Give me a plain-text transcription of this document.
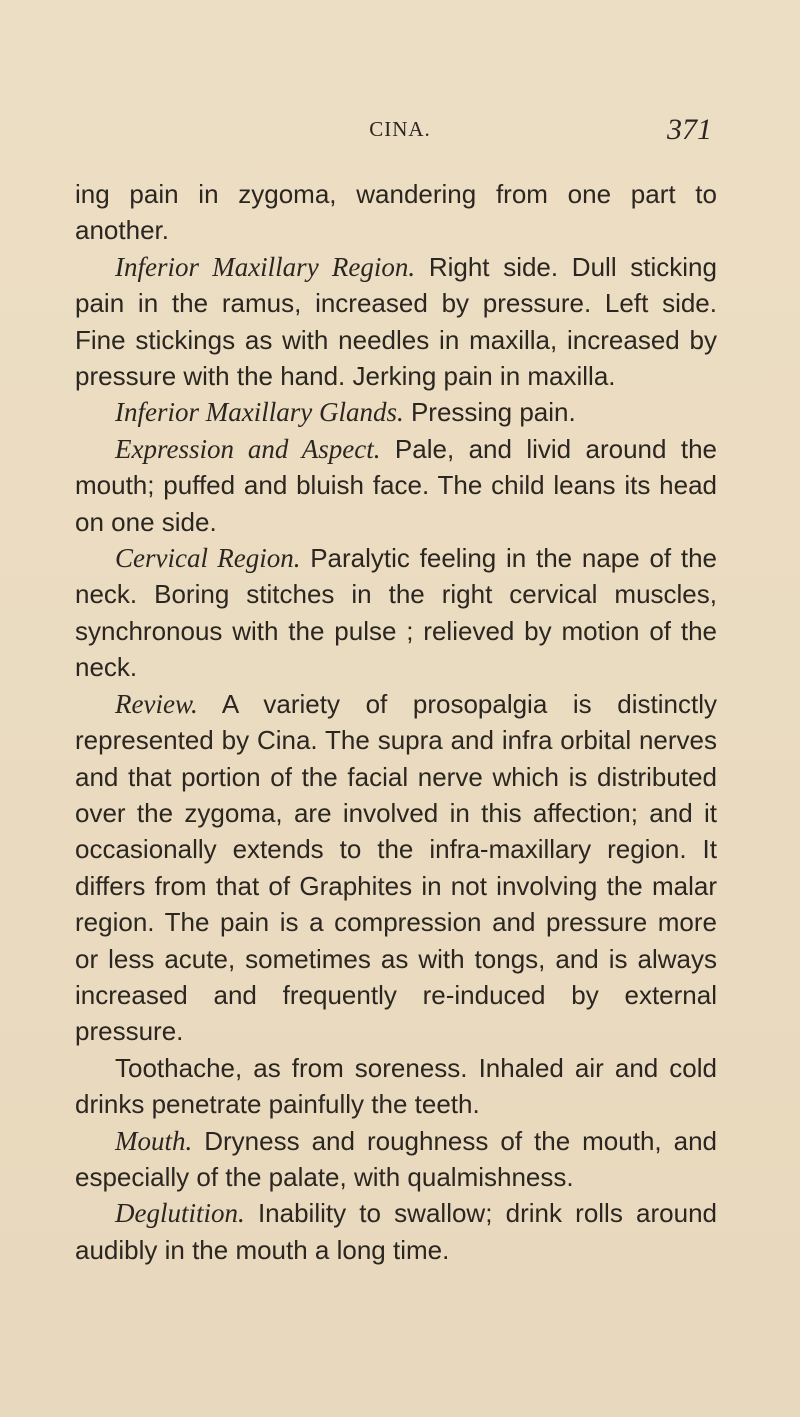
CINA.	371

ing pain in zygoma, wandering from one part to another.

Inferior Maxillary Region. Right side. Dull sticking pain in the ramus, increased by pressure. Left side. Fine stickings as with needles in maxilla, increased by pressure with the hand. Jerking pain in maxilla.

Inferior Maxillary Glands. Pressing pain.

Expression and Aspect. Pale, and livid around the mouth; puffed and bluish face. The child leans its head on one side.

Cervical Region. Paralytic feeling in the nape of the neck. Boring stitches in the right cervical muscles, synchronous with the pulse ; relieved by motion of the neck.

Review. A variety of prosopalgia is distinctly represented by Cina. The supra and infra orbital nerves and that portion of the facial nerve which is distributed over the zygoma, are involved in this affection; and it occasionally extends to the infra-maxillary region. It differs from that of Graphites in not involving the malar region. The pain is a compression and pressure more or less acute, sometimes as with tongs, and is always increased and frequently re-induced by external pressure.

Toothache, as from soreness. Inhaled air and cold drinks penetrate painfully the teeth.

Mouth. Dryness and roughness of the mouth, and especially of the palate, with qualmishness.

Deglutition. Inability to swallow; drink rolls around audibly in the mouth a long time.
